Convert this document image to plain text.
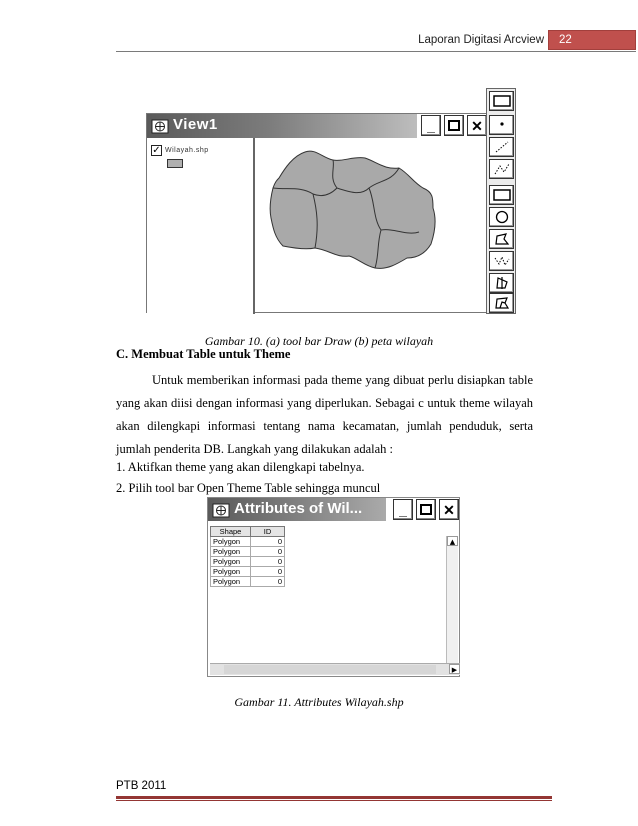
Laporan Digitasi Arcview	22
View1	_	✕
✓ Wilayah.shp
Gambar 10. (a) tool bar Draw (b) peta wilayah
C. Membuat Table untuk Theme
Untuk memberikan informasi pada theme yang dibuat perlu disiapkan table yang akan diisi dengan informasi yang diperlukan. Sebagai c untuk theme wilayah akan dilengkapi informasi tentang nama kecamatan, jumlah penduduk, serta jumlah penderita DB. Langkah yang dilakukan adalah :
1. Aktifkan theme yang akan dilengkapi tabelnya.
2. Pilih tool bar Open Theme Table sehingga muncul
Attributes of Wil...	_	✕
Shape	ID
Polygon	0
Polygon	0
Polygon	0
Polygon	0
Polygon	0
▲
▶
Gambar 11. Attributes Wilayah.shp
PTB 2011
